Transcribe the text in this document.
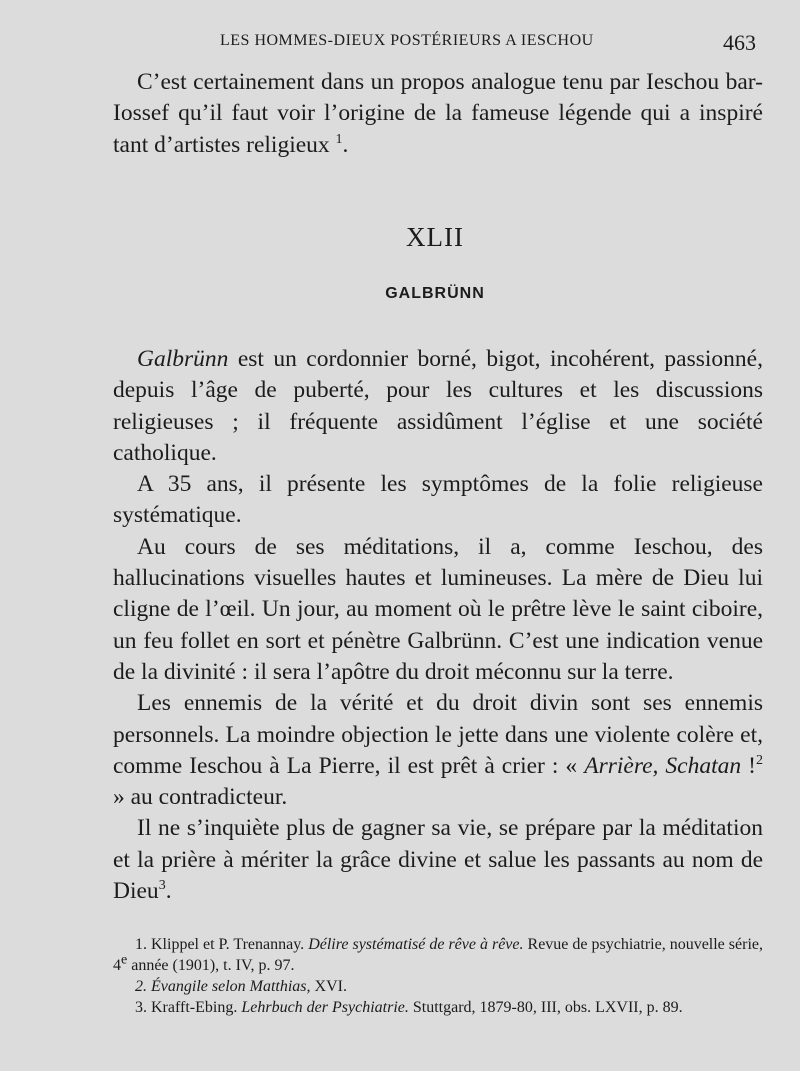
LES HOMMES-DIEUX POSTÉRIEURS A IESCHOU	463

C’est certainement dans un propos analogue tenu par Ieschou bar-Iossef qu’il faut voir l’origine de la fameuse légende qui a inspiré tant d’artistes religieux $^1$.

XLII
GALBRÜNN

Galbrünn est un cordonnier borné, bigot, incohérent, passionné, depuis l’âge de puberté, pour les cultures et les discussions religieuses ; il fréquente assidûment l’église et une société catholique.

A 35 ans, il présente les symptômes de la folie religieuse systématique.

Au cours de ses méditations, il a, comme Ieschou, des hallucinations visuelles hautes et lumineuses. La mère de Dieu lui cligne de l’œil. Un jour, au moment où le prêtre lève le saint ciboire, un feu follet en sort et pénètre Galbrünn. C’est une indication venue de la divinité : il sera l’apôtre du droit méconnu sur la terre.

Les ennemis de la vérité et du droit divin sont ses ennemis personnels. La moindre objection le jette dans une violente colère et, comme Ieschou à La Pierre, il est prêt à crier : « Arrière, Schatan !$^2$ » au contradicteur.

Il ne s’inquiète plus de gagner sa vie, se prépare par la méditation et la prière à mériter la grâce divine et salue les passants au nom de Dieu$^3$.

1. Klippel et P. Trenannay. Délire systématisé de rêve à rêve. Revue de psychiatrie, nouvelle série, 4e année (1901), t. IV, p. 97.

2. Évangile selon Matthias, XVI.

3. Krafft-Ebing. Lehrbuch der Psychiatrie. Stuttgard, 1879-80, III, obs. LXVII, p. 89.
